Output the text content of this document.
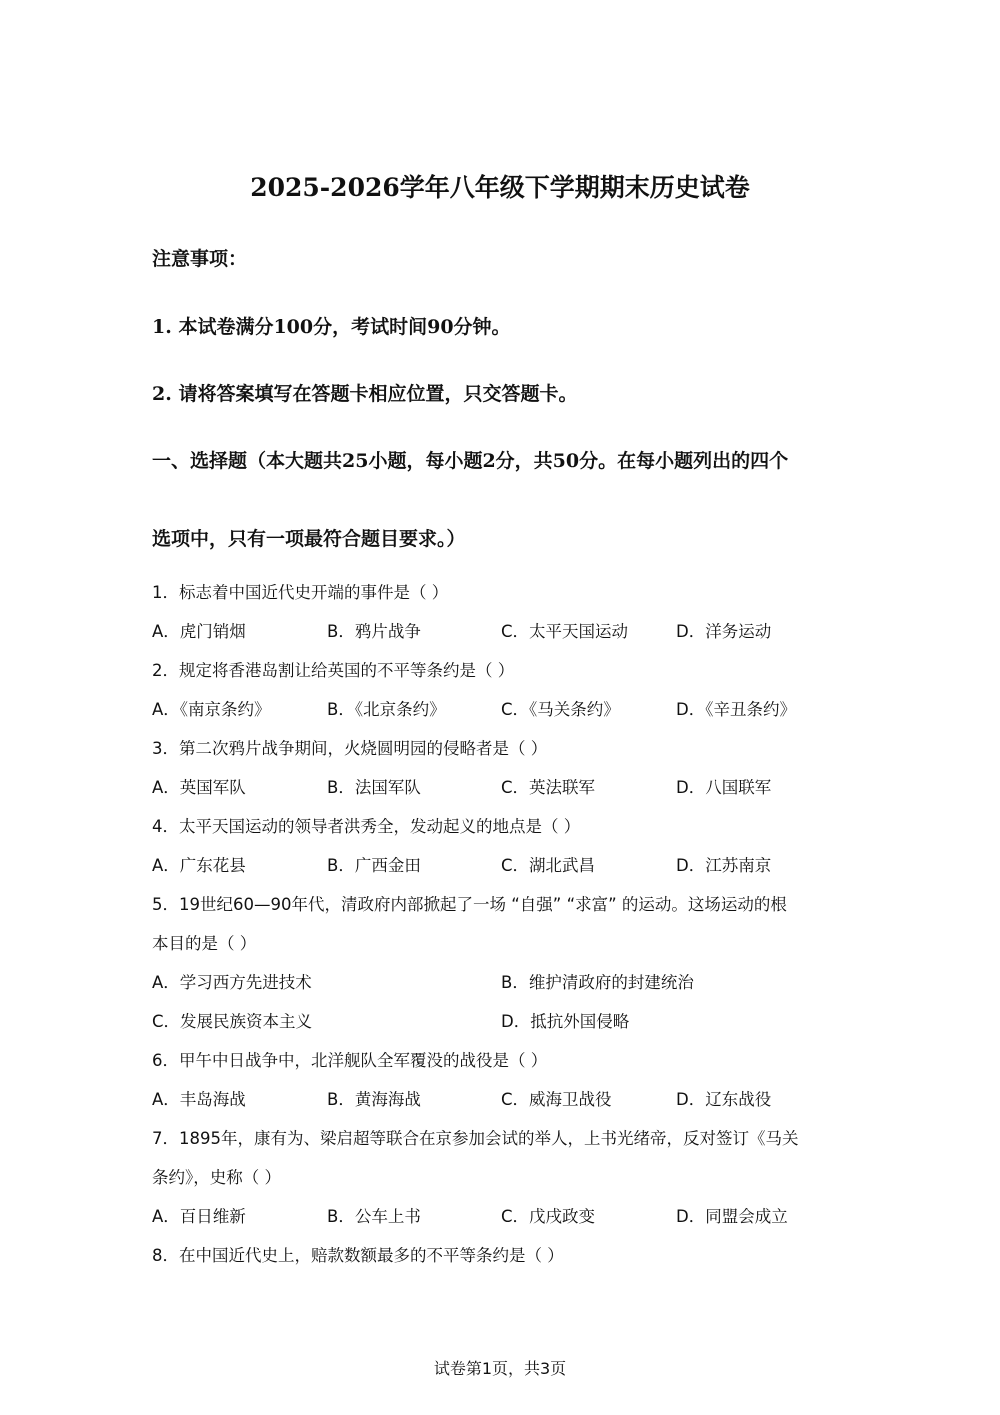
2025-2026学年八年级下学期期末历史试卷
注意事项：
1. 本试卷满分100分，考试时间90分钟。
2. 请将答案填写在答题卡相应位置，只交答题卡。
一、选择题（本大题共25小题，每小题2分，共50分。在每小题列出的四个
选项中，只有一项最符合题目要求。）
1．标志着中国近代史开端的事件是（ ）
A．虎门销烟	B．鸦片战争	C．太平天国运动	D．洋务运动
2．规定将香港岛割让给英国的不平等条约是（ ）
A．《南京条约》	B．《北京条约》	C．《马关条约》	D．《辛丑条约》
3．第二次鸦片战争期间，火烧圆明园的侵略者是（ ）
A．英国军队	B．法国军队	C．英法联军	D．八国联军
4．太平天国运动的领导者洪秀全，发动起义的地点是（ ）
A．广东花县	B．广西金田	C．湖北武昌	D．江苏南京
5．19世纪60—90年代，清政府内部掀起了一场 “自强” “求富” 的运动。这场运动的根
本目的是（ ）
A．学习西方先进技术	B．维护清政府的封建统治
C．发展民族资本主义	D．抵抗外国侵略
6．甲午中日战争中，北洋舰队全军覆没的战役是（ ）
A．丰岛海战	B．黄海海战	C．威海卫战役	D．辽东战役
7．1895年，康有为、梁启超等联合在京参加会试的举人，上书光绪帝，反对签订《马关
条约》，史称（ ）
A．百日维新	B．公车上书	C．戊戌政变	D．同盟会成立
8．在中国近代史上，赔款数额最多的不平等条约是（ ）
试卷第1页，共3页
